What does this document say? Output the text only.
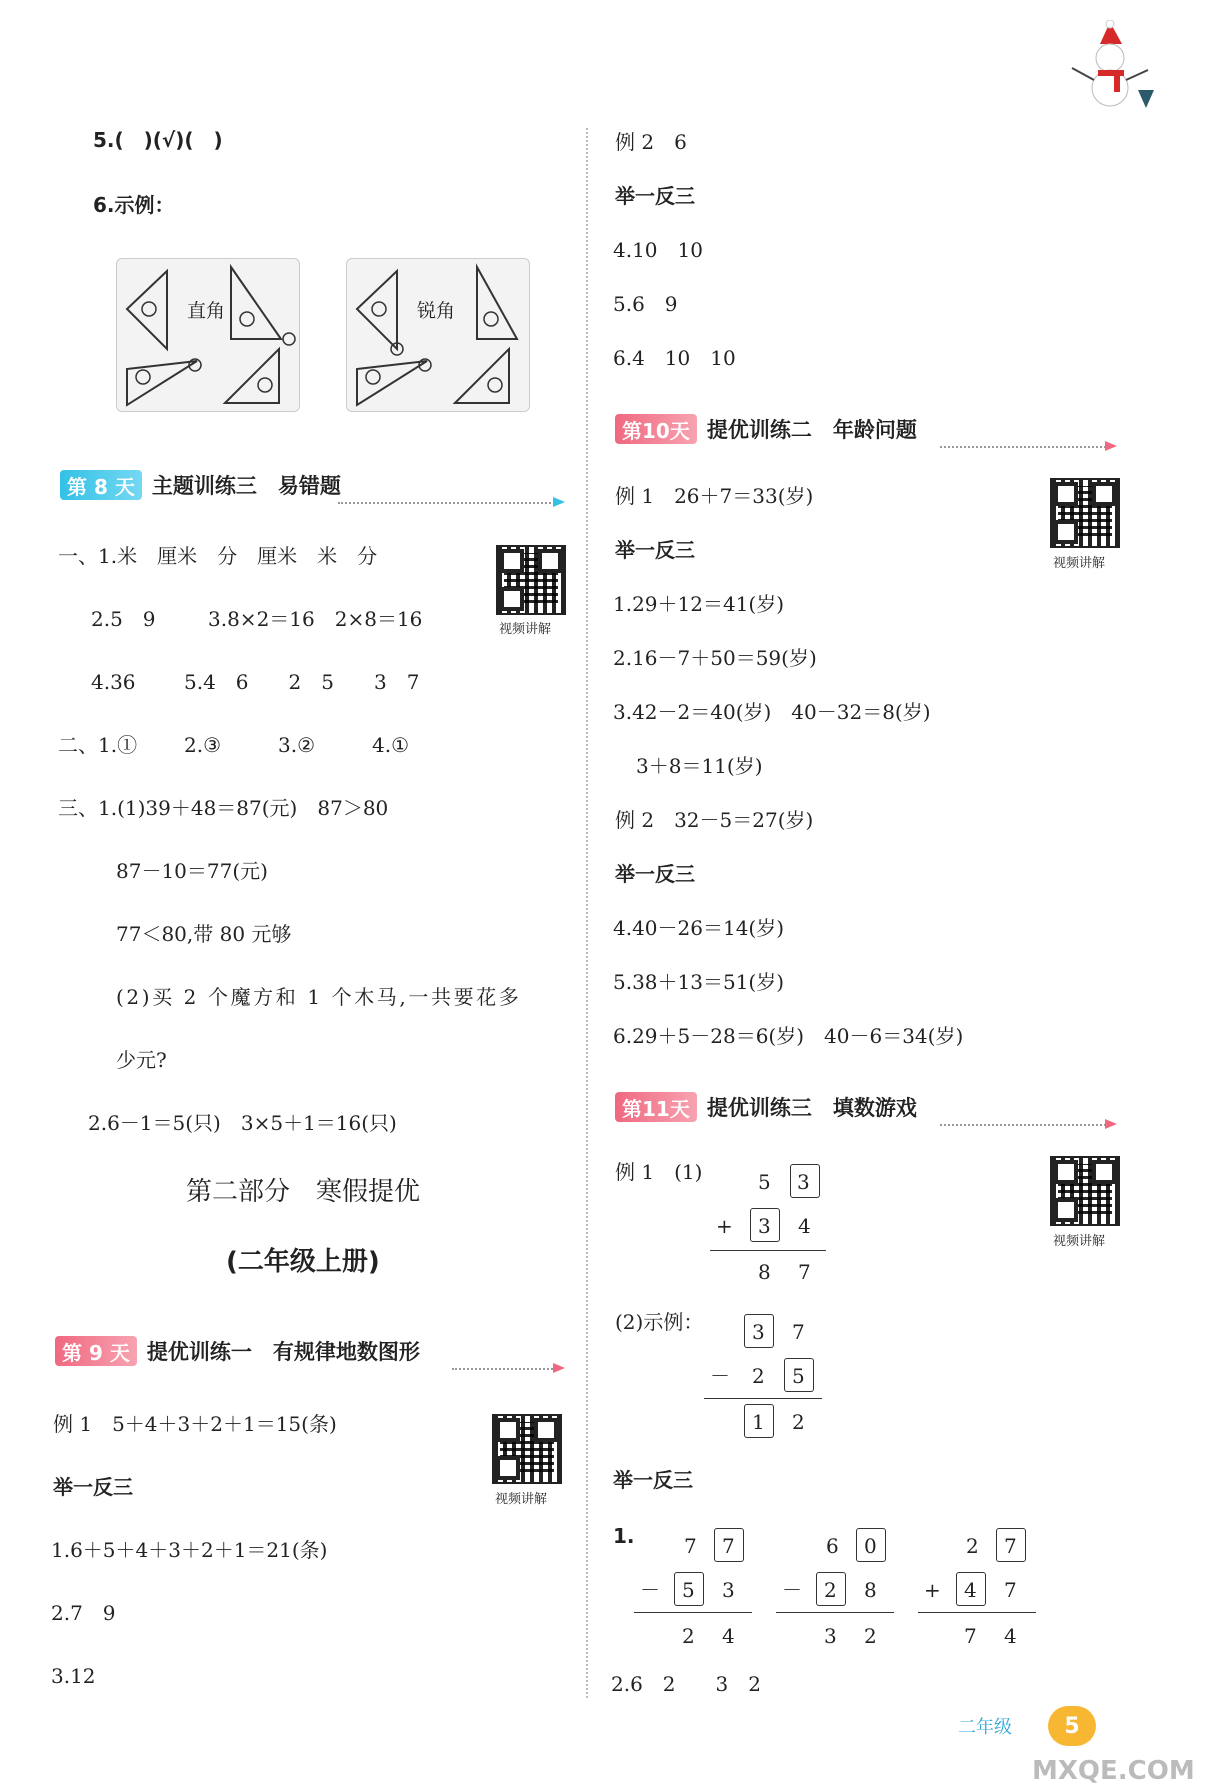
5.(　)(√)(　)
6.示例：
直角	锐角
第 8 天 主题训练三　易错题
视频讲解
一、1.米　厘米　分　厘米　米　分
2.5　9	3.8×2＝16　2×8＝16
4.36 5.4　6　　2　5　　3　7
二、1.① 2.③	3.②	4.①
三、1.(1)39＋48＝87(元)　87＞80
87－10＝77(元)
77＜80,带 80 元够
(2)买 2 个魔方和 1 个木马,一共要花多
少元?
2.6－1＝5(只)　3×5＋1＝16(只)
第二部分　寒假提优
(二年级上册)
第 9 天 提优训练一　有规律地数图形
视频讲解
例 1　5＋4＋3＋2＋1＝15(条)
举一反三
1.6＋5＋4＋3＋2＋1＝21(条)
2.7　9
3.12
例 2　6
举一反三
4.10　10
5.6　9
6.4　10　10
第10天 提优训练二　年龄问题
视频讲解
例 1　26＋7＝33(岁)
举一反三
1.29＋12＝41(岁)
2.16－7＋50＝59(岁)
3.42－2＝40(岁)　40－32＝8(岁)
3＋8＝11(岁)
例 2　32－5＝27(岁)
举一反三
4.40－26＝14(岁)
5.38＋13＝51(岁)
6.29＋5－28＝6(岁)　40－6＝34(岁)
第11天 提优训练三　填数游戏
视频讲解
例 1　(1)	5 3
+ 3 4
8 7
(2)示例： 3 7
－ 2 5
1 2
举一反三
1. 7 7
－ 5 3
2 4
6 0
－ 2 8
3 2
2 7
+ 4 7
7 4
2.6　2　　3　2
二年级 5
MXQE.COM
